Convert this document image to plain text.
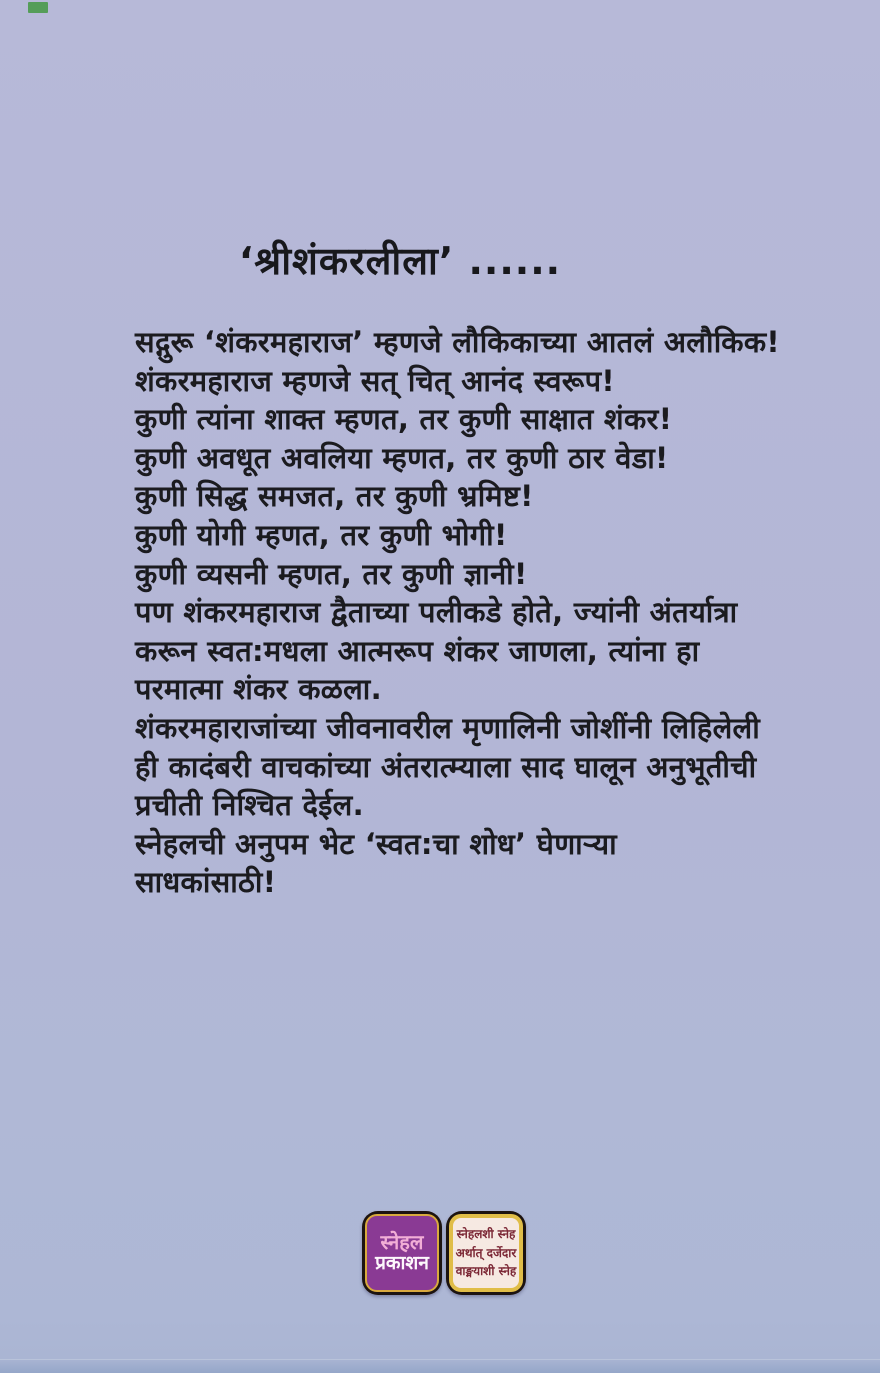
‘श्रीशंकरलीला’ ......
सद्गुरू ‘शंकरमहाराज’ म्हणजे लौकिकाच्या आतलं अलौकिक!
शंकरमहाराज म्हणजे सत् चित् आनंद स्वरूप!
कुणी त्यांना शाक्त म्हणत, तर कुणी साक्षात शंकर!
कुणी अवधूत अवलिया म्हणत, तर कुणी ठार वेडा!
कुणी सिद्ध समजत, तर कुणी भ्रमिष्ट!
कुणी योगी म्हणत, तर कुणी भोगी!
कुणी व्यसनी म्हणत, तर कुणी ज्ञानी!
पण शंकरमहाराज द्वैताच्या पलीकडे होते, ज्यांनी अंतर्यात्रा
करून स्वत:मधला आत्मरूप शंकर जाणला, त्यांना हा
परमात्मा शंकर कळला.
शंकरमहाराजांच्या जीवनावरील मृणालिनी जोशींनी लिहिलेली
ही कादंबरी वाचकांच्या अंतरात्म्याला साद घालून अनुभूतीची
प्रचीती निश्चित देईल.
स्नेहलची अनुपम भेट ‘स्वत:चा शोध’ घेणाऱ्या
साधकांसाठी!
स्नेहल
प्रकाशन
स्नेहलशी स्नेह
अर्थात् दर्जेदार
वाङ्मयाशी स्नेह
